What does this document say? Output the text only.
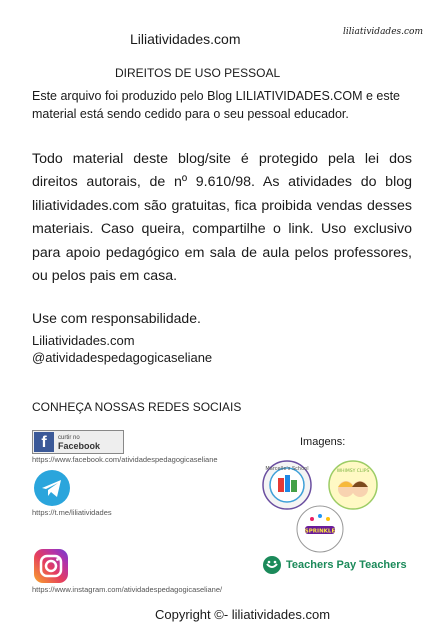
Liliatividades.com	liliatividades.com
DIREITOS DE USO PESSOAL
Este arquivo foi produzido pelo Blog LILIATIVIDADES.COM e este material está sendo cedido para o seu pessoal educador.
Todo material deste blog/site é protegido pela lei dos direitos autorais, de nº 9.610/98. As atividades do blog liliatividades.com são gratuitas, fica proibida vendas desses materiais. Caso queira, compartilhe o link. Uso exclusivo para apoio pedagógico em sala de aula pelos professores, ou pelos pais em casa.
Use com responsabilidade.
Liliatividades.com
@atividadespedagogicaseliane
CONHEÇA NOSSAS REDES SOCIAIS
f	curtir no
Facebook
https://www.facebook.com/atividadespedagogicaseliane
https://t.me/liliatividades
https://www.instagram.com/atividadespedagogicaseliane/
Imagens:
Marcelle's School	WHIMSY CLIPS
SPRINKLE
Teachers Pay Teachers
Copyright ©- liliatividades.com
